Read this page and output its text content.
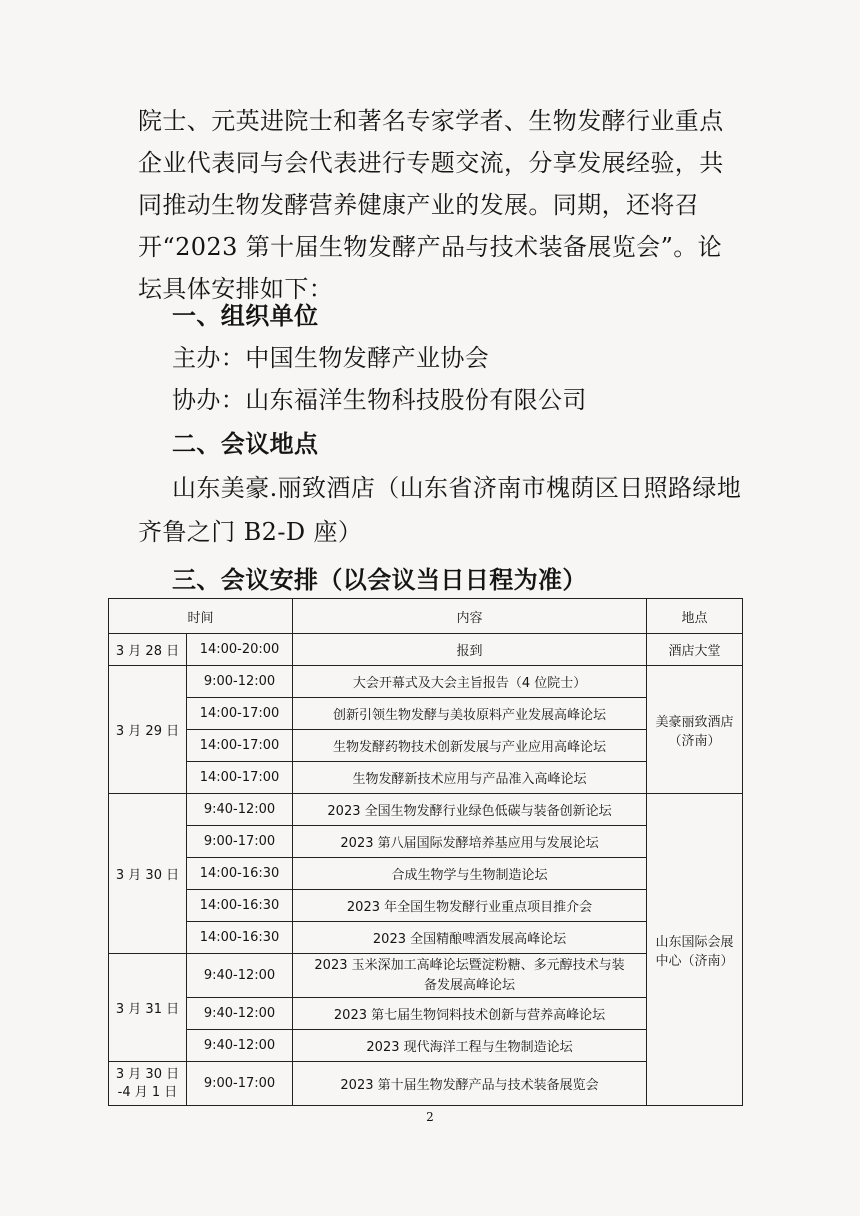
院士、元英进院士和著名专家学者、生物发酵行业重点企业代表同与会代表进行专题交流，分享发展经验，共同推动生物发酵营养健康产业的发展。同期，还将召开“2023 第十届生物发酵产品与技术装备展览会”。论坛具体安排如下：

一、组织单位
主办：中国生物发酵产业协会
协办：山东福洋生物科技股份有限公司
二、会议地点
山东美豪.丽致酒店（山东省济南市槐荫区日照路绿地
齐鲁之门 B2-D 座）
三、会议安排（以会议当日日程为准）
时间		内容	地点
3 月 28 日	14:00-20:00	报到	酒店大堂
3 月 29 日	9:00-12:00	大会开幕式及大会主旨报告（4 位院士）	美豪丽致酒店（济南）
	14:00-17:00	创新引领生物发酵与美妆原料产业发展高峰论坛	
	14:00-17:00	生物发酵药物技术创新发展与产业应用高峰论坛	
	14:00-17:00	生物发酵新技术应用与产品准入高峰论坛	
3 月 30 日	9:40-12:00	2023 全国生物发酵行业绿色低碳与装备创新论坛	山东国际会展中心（济南）
	9:00-17:00	2023 第八届国际发酵培养基应用与发展论坛	
	14:00-16:30	合成生物学与生物制造论坛	
	14:00-16:30	2023 年全国生物发酵行业重点项目推介会	
	14:00-16:30	2023 全国精酿啤酒发展高峰论坛	
3 月 31 日	9:40-12:00	2023 玉米深加工高峰论坛暨淀粉糖、多元醇技术与装备发展高峰论坛	
	9:40-12:00	2023 第七届生物饲料技术创新与营养高峰论坛	
	9:40-12:00	2023 现代海洋工程与生物制造论坛	
3 月 30 日 -4 月 1 日	9:00-17:00	2023 第十届生物发酵产品与技术装备展览会	
2
